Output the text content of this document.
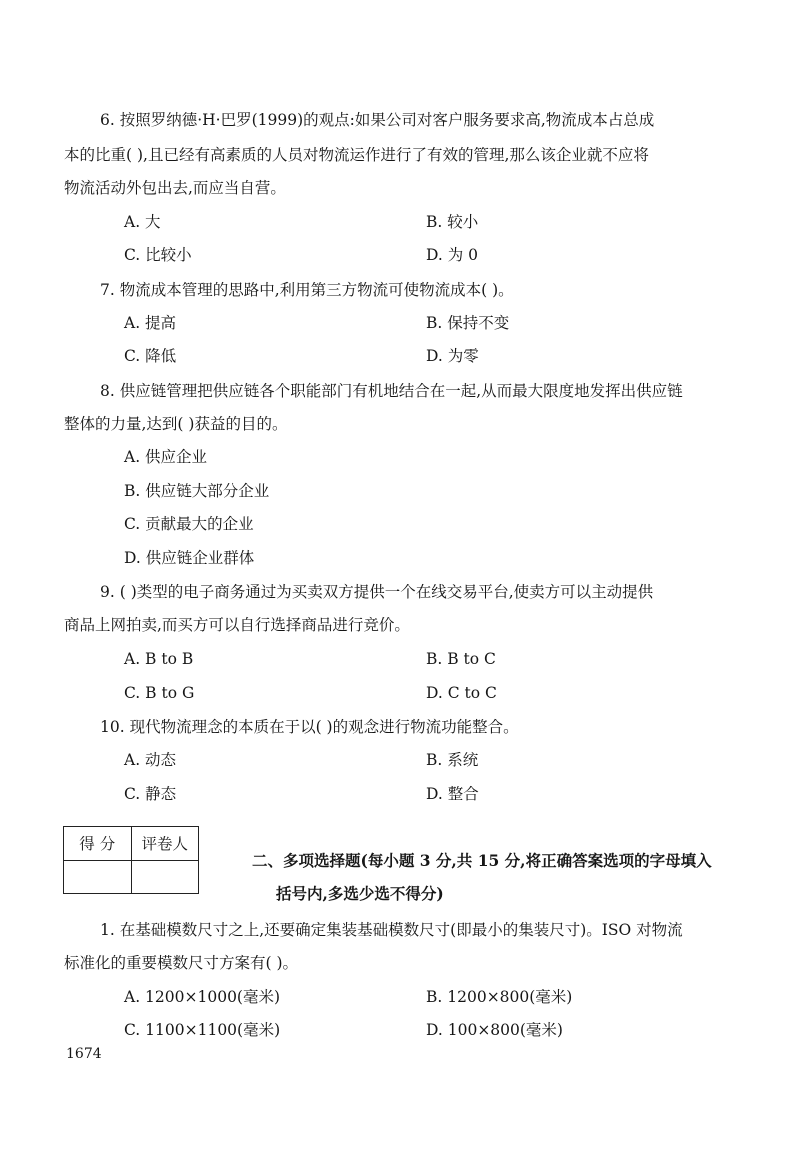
6. 按照罗纳德·H·巴罗(1999)的观点:如果公司对客户服务要求高,物流成本占总成
本的比重( ),且已经有高素质的人员对物流运作进行了有效的管理,那么该企业就不应将
物流活动外包出去,而应当自营。
A. 大	B. 较小
C. 比较小	D. 为 0
7. 物流成本管理的思路中,利用第三方物流可使物流成本( )。
A. 提高	B. 保持不变
C. 降低	D. 为零
8. 供应链管理把供应链各个职能部门有机地结合在一起,从而最大限度地发挥出供应链
整体的力量,达到( )获益的目的。
A. 供应企业
B. 供应链大部分企业
C. 贡献最大的企业
D. 供应链企业群体
9. ( )类型的电子商务通过为买卖双方提供一个在线交易平台,使卖方可以主动提供
商品上网拍卖,而买方可以自行选择商品进行竞价。
A. B to B	B. B to C
C. B to G	D. C to C
10. 现代物流理念的本质在于以( )的观念进行物流功能整合。
A. 动态	B. 系统
C. 静态	D. 整合
得 分	评卷人

二、多项选择题(每小题 3 分,共 15 分,将正确答案选项的字母填入
括号内,多选少选不得分)
1. 在基础模数尺寸之上,还要确定集装基础模数尺寸(即最小的集装尺寸)。ISO 对物流
标准化的重要模数尺寸方案有( )。
A. 1200×1000(毫米)	B. 1200×800(毫米)
C. 1100×1100(毫米)	D. 100×800(毫米)
1674
